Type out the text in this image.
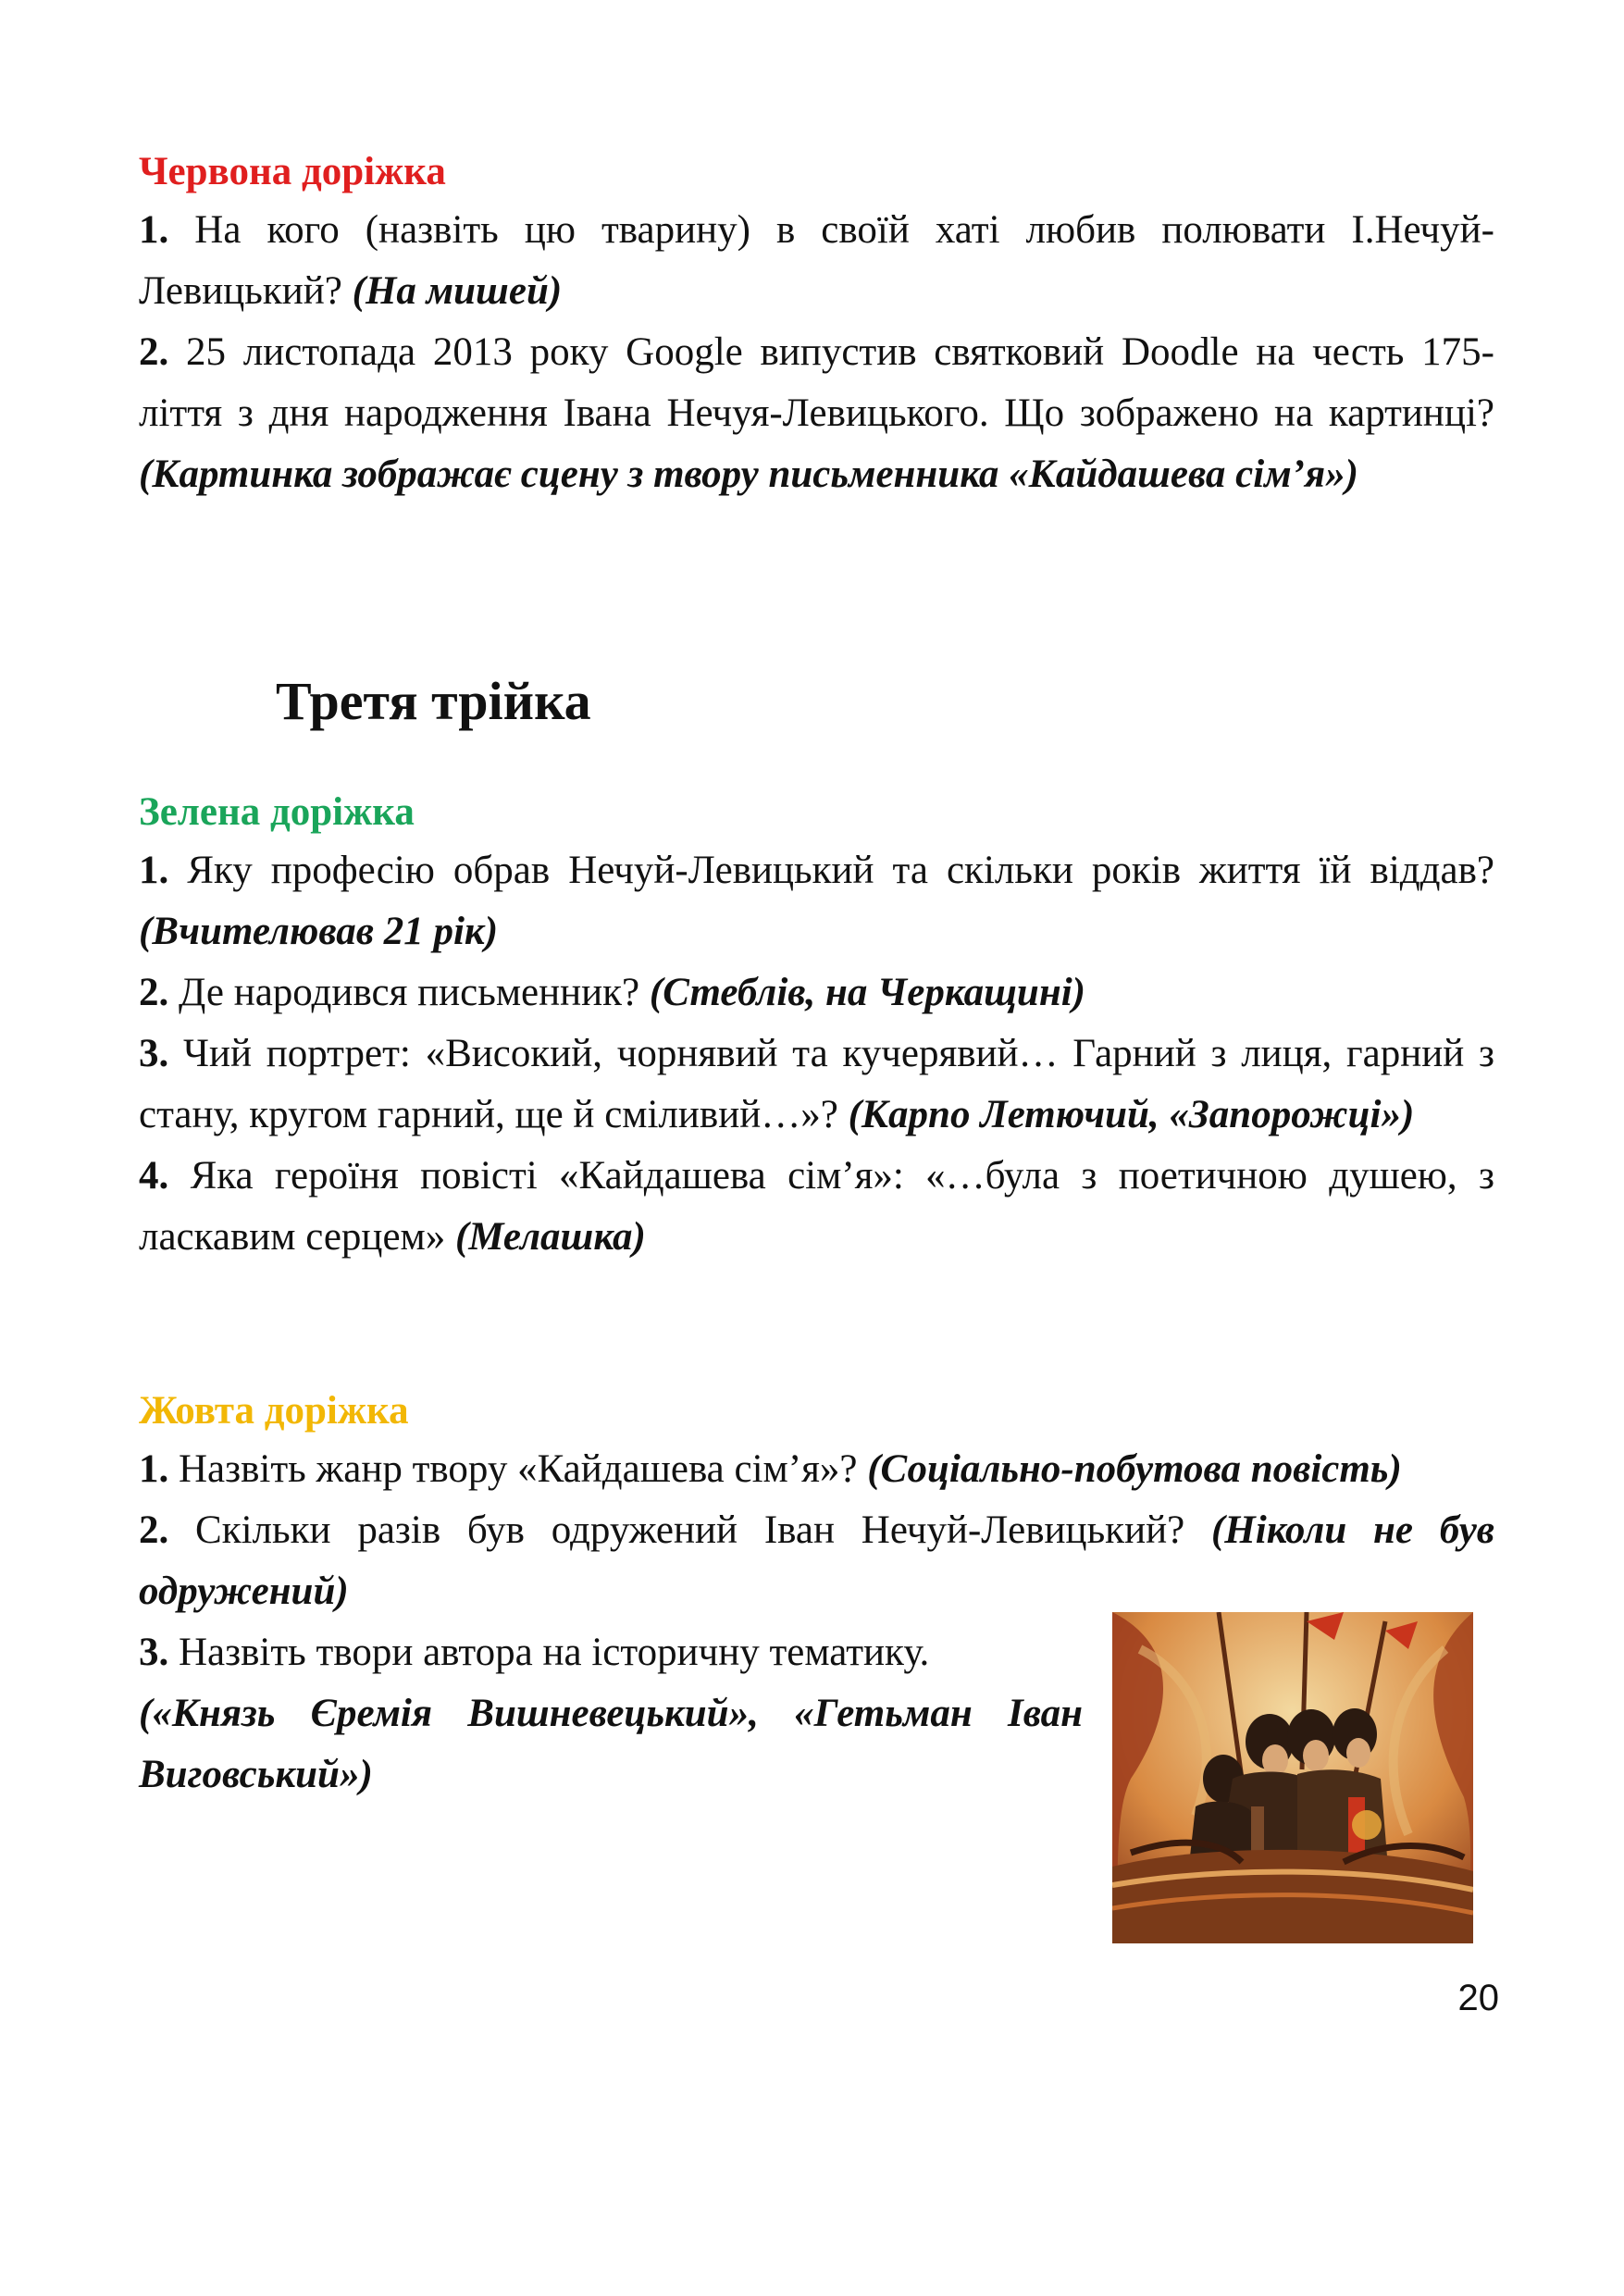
Червона доріжка

1. На кого (назвіть цю тварину) в своїй хаті любив полювати І.Нечуй-Левицький? (На мишей)

2. 25 листопада 2013 року Google випустив святковий Doodle на честь 175-ліття з дня народження Івана Нечуя-Левицького. Що зображено на картинці? (Картинка зображає сцену з твору письменника «Кайдашева сім’я»)

Третя трійка

Зелена доріжка

1. Яку професію обрав Нечуй-Левицький та скільки років життя їй віддав? (Вчителював 21 рік)

2. Де народився письменник? (Стеблів, на Черкащині)

3. Чий портрет: «Високий, чорнявий та кучерявий… Гарний з лиця, гарний з стану, кругом гарний, ще й сміливий…»? (Карпо Летючий, «Запорожці»)

4. Яка героїня повісті «Кайдашева сім’я»: «…була з поетичною душею, з ласкавим серцем» (Мелашка)

Жовта доріжка

1. Назвіть жанр твору «Кайдашева сім’я»? (Соціально-побутова повість)

2. Скільки разів був одружений Іван Нечуй-Левицький? (Ніколи не був одружений)

3. Назвіть твори автора на історичну тематику.

(«Князь Єремія Вишневецький», «Гетьман Іван Виговський»)

20
